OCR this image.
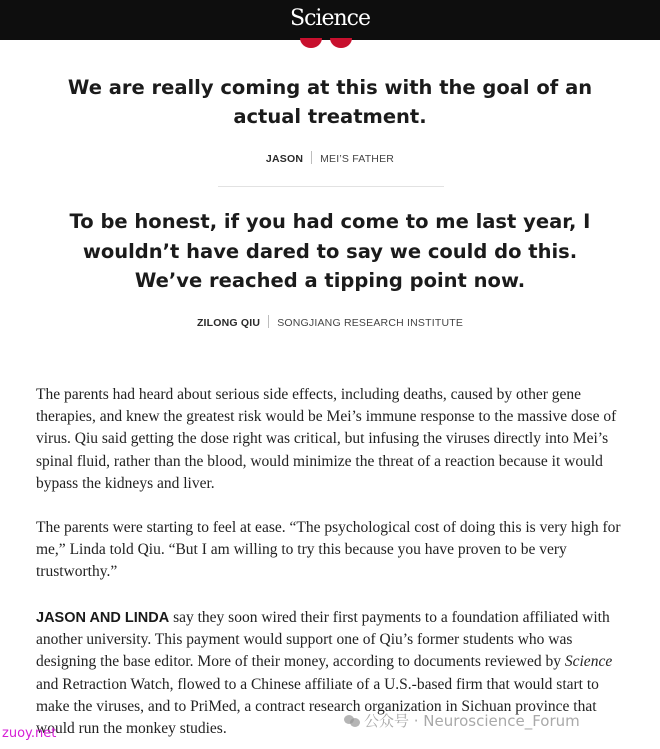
Science
We are really coming at this with the goal of an actual treatment.
JASON MEI’S FATHER
To be honest, if you had come to me last year, I wouldn’t have dared to say we could do this. We’ve reached a tipping point now.
ZILONG QIU SONGJIANG RESEARCH INSTITUTE

The parents had heard about serious side effects, including deaths, caused by other gene therapies, and knew the greatest risk would be Mei’s immune response to the massive dose of virus. Qiu said getting the dose right was critical, but infusing the viruses directly into Mei’s spinal fluid, rather than the blood, would minimize the threat of a reaction because it would bypass the kidneys and liver.

The parents were starting to feel at ease. “The psychological cost of doing this is very high for me,” Linda told Qiu. “But I am willing to try this because you have proven to be very trustworthy.”

JASON AND LINDA say they soon wired their first payments to a foundation affiliated with another university. This payment would support one of Qiu’s former students who was designing the base editor. More of their money, according to documents reviewed by Science and Retraction Watch, flowed to a Chinese affiliate of a U.S.-based firm that would start to make the viruses, and to PriMed, a contract research organization in Sichuan province that would run the monkey studies.	公众号 · Neuroscience_Forum
zuoy.net
